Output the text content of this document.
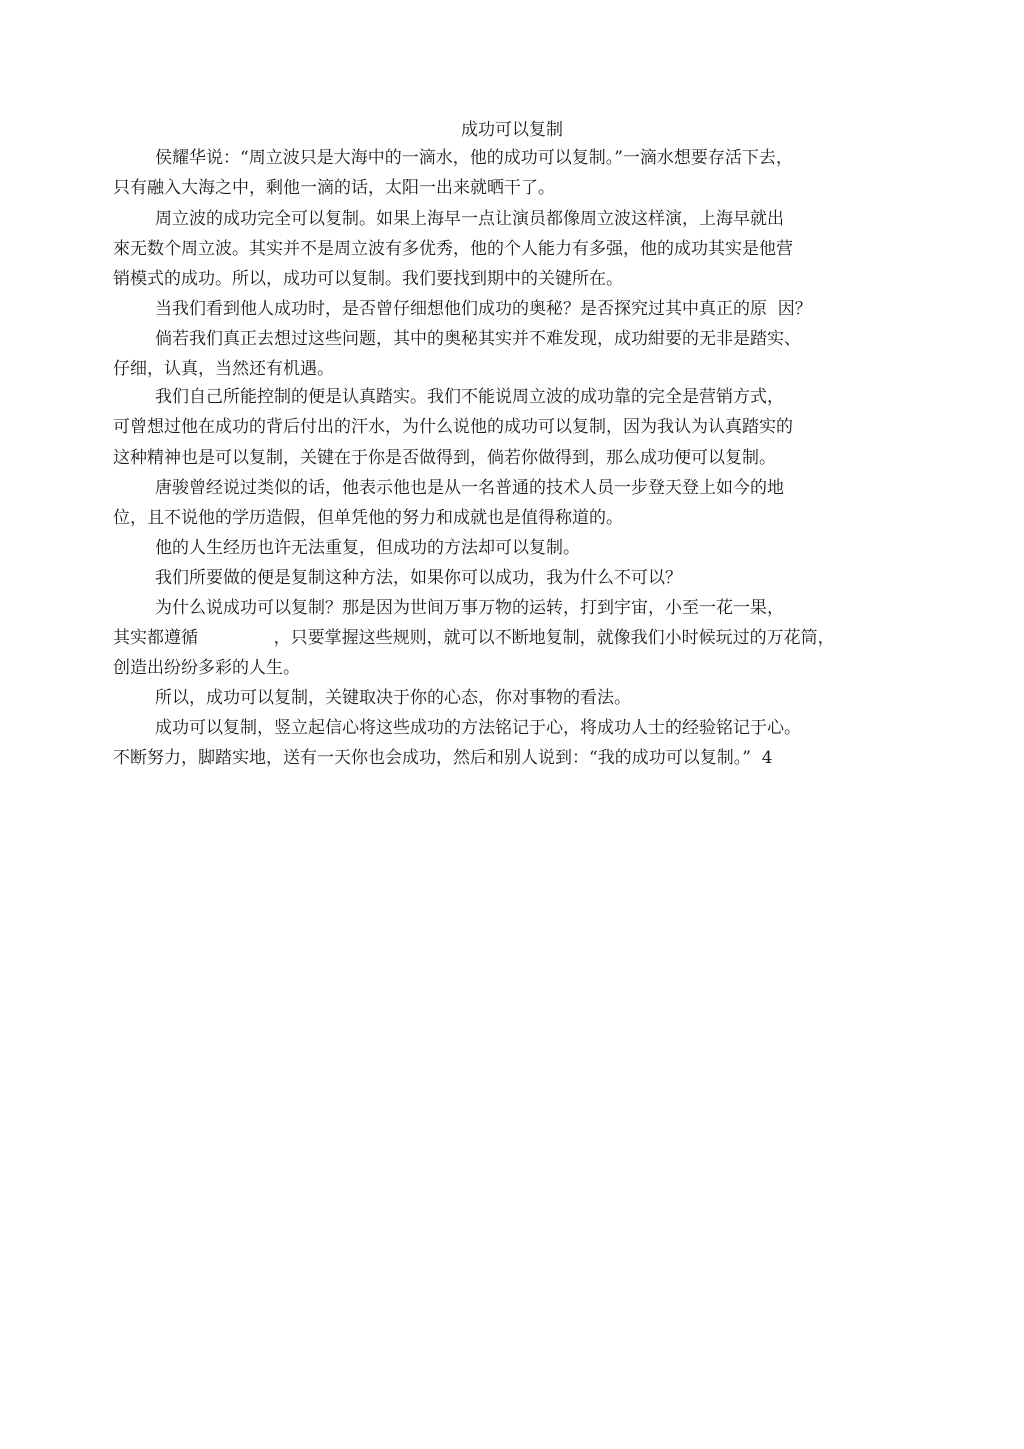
成功可以复制
侯耀华说：“周立波只是大海中的一滴水，他的成功可以复制。”一滴水想要存活下去，
只有融入大海之中，剩他一滴的话，太阳一出来就晒干了。
周立波的成功完全可以复制。如果上海早一点让演员都像周立波这样演，上海早就出
來无数个周立波。其实并不是周立波有多优秀，他的个人能力有多强，他的成功其实是他营
销模式的成功。所以，成功可以复制。我们要找到期中的关键所在。
当我们看到他人成功时，是否曾仔细想他们成功的奥秘？是否探究过其中真正的原  因？
倘若我们真正去想过这些问题，其中的奥秘其实并不难发现，成功紺要的无非是踏实、
仔细，认真，当然还有机遇。
我们自己所能控制的便是认真踏实。我们不能说周立波的成功靠的完全是营销方式，
可曾想过他在成功的背后付出的汗水，为什么说他的成功可以复制，因为我认为认真踏实的
这种精神也是可以复制，关键在于你是否做得到，倘若你做得到，那么成功便可以复制。
唐骏曾经说过类似的话，他表示他也是从一名普通的技术人员一步登天登上如今的地
位，且不说他的学历造假，但单凭他的努力和成就也是值得称道的。
他的人生经历也许无法重复，但成功的方法却可以复制。
我们所要做的便是复制这种方法，如果你可以成功，我为什么不可以？
为什么说成功可以复制？那是因为世间万事万物的运转，打到宇宙，小至一花一果，
其实都遵循              ，只要掌握这些规则，就可以不断地复制，就像我们小时候玩过的万花筒，
创造出纷纷多彩的人生。
所以，成功可以复制，关键取决于你的心态，你对事物的看法。
成功可以复制，竖立起信心将这些成功的方法铭记于心，将成功人士的经验铭记于心。
不断努力，脚踏实地，送有一天你也会成功，然后和别人说到：“我的成功可以复制。”  4
